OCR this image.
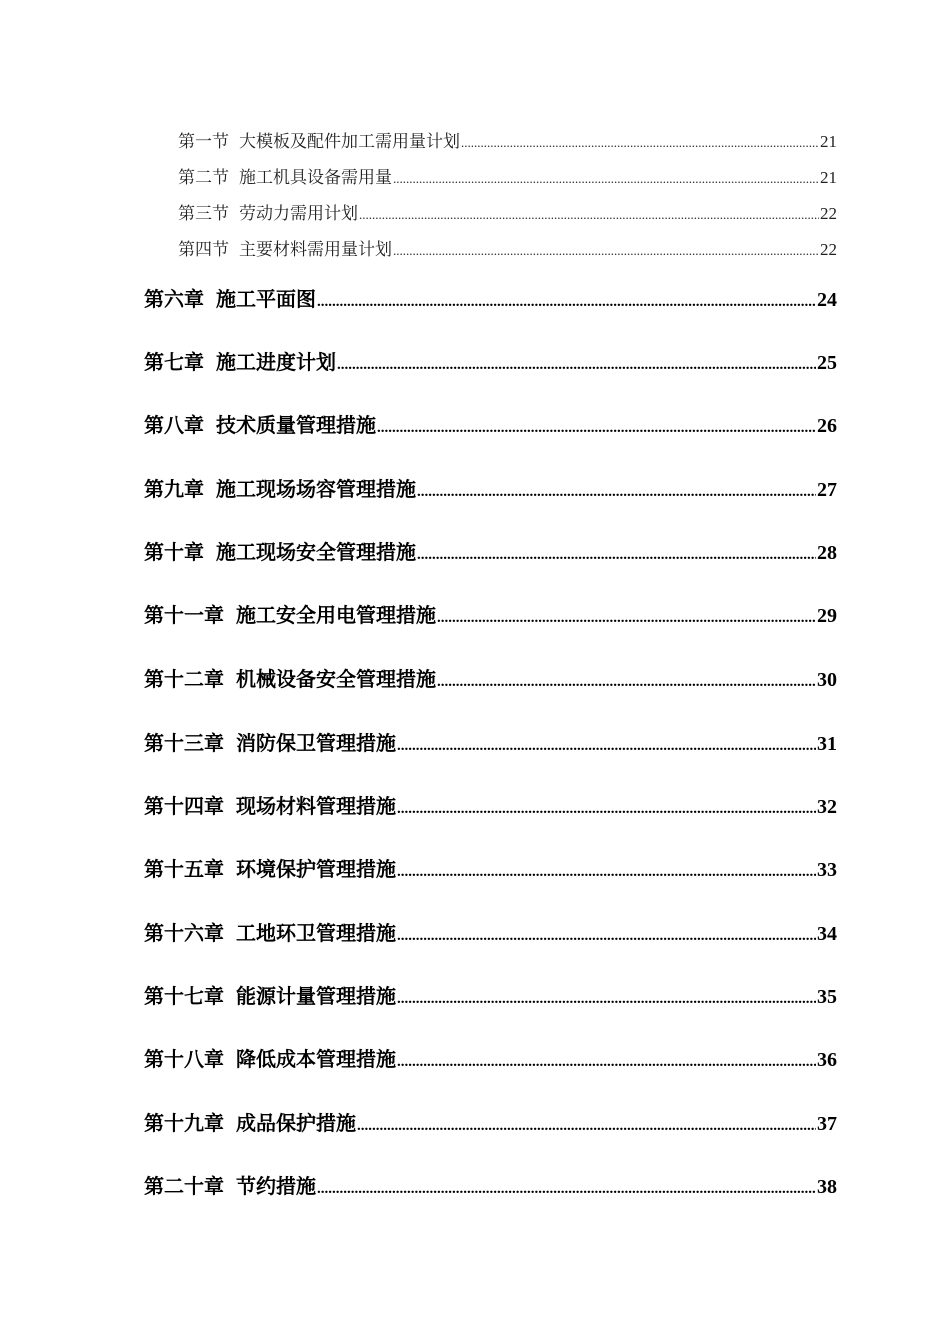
第一节 大模板及配件加工需用量计划 .....	21
第二节 施工机具设备需用量 .....	21
第三节 劳动力需用计划 .....	22
第四节 主要材料需用量计划 .....	22
第六章 施工平面图 .....	24
第七章 施工进度计划 .....	25
第八章 技术质量管理措施 .....	26
第九章 施工现场场容管理措施 .....	27
第十章 施工现场安全管理措施 .....	28
第十一章 施工安全用电管理措施 .....	29
第十二章 机械设备安全管理措施 .....	30
第十三章 消防保卫管理措施 .....	31
第十四章 现场材料管理措施 .....	32
第十五章 环境保护管理措施 .....	33
第十六章 工地环卫管理措施 .....	34
第十七章 能源计量管理措施 .....	35
第十八章 降低成本管理措施 .....	36
第十九章 成品保护措施 .....	37
第二十章 节约措施 .....	38
